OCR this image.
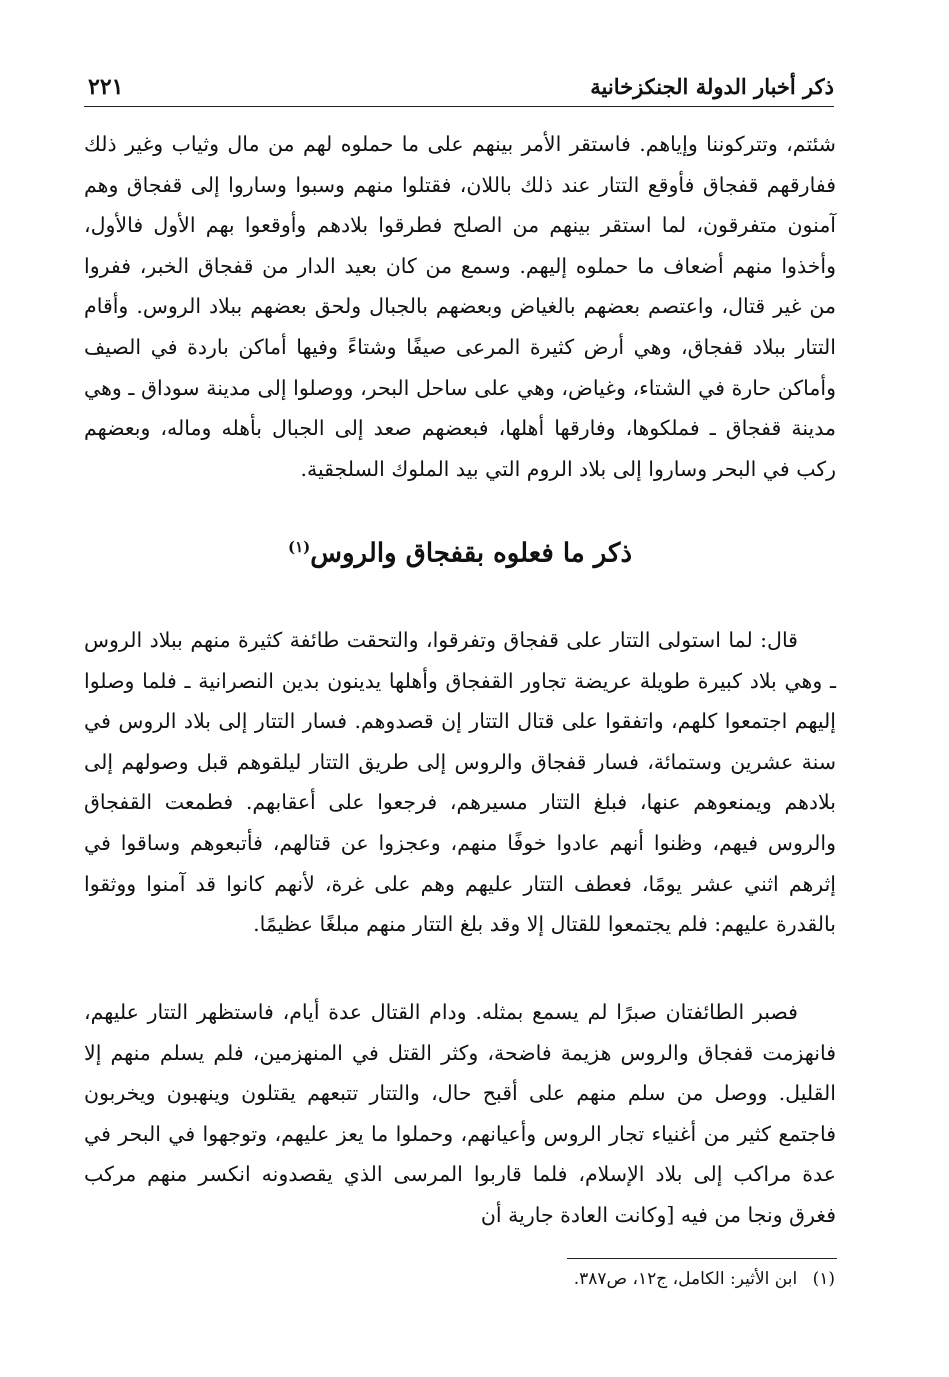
ذكر أخبار الدولة الجنكزخانية
٢٢١

شئتم، وتتركوننا وإياهم. فاستقر الأمر بينهم على ما حملوه لهم من مال وثياب وغير ذلك ففارقهم قفجاق فأوقع التتار عند ذلك باللان، فقتلوا منهم وسبوا وساروا إلى قفجاق وهم آمنون متفرقون، لما استقر بينهم من الصلح فطرقوا بلادهم وأوقعوا بهم الأول فالأول، وأخذوا منهم أضعاف ما حملوه إليهم. وسمع من كان بعيد الدار من قفجاق الخبر، ففروا من غير قتال، واعتصم بعضهم بالغياض وبعضهم بالجبال ولحق بعضهم ببلاد الروس. وأقام التتار ببلاد قفجاق، وهي أرض كثيرة المرعى صيفًا وشتاءً وفيها أماكن باردة في الصيف وأماكن حارة في الشتاء، وغياض، وهي على ساحل البحر، ووصلوا إلى مدينة سوداق ـ وهي مدينة قفجاق ـ فملكوها، وفارقها أهلها، فبعضهم صعد إلى الجبال بأهله وماله، وبعضهم ركب في البحر وساروا إلى بلاد الروم التي بيد الملوك السلجقية.

ذكر ما فعلوه بقفجاق والروس$^{(١)}$

قال: لما استولى التتار على قفجاق وتفرقوا، والتحقت طائفة كثيرة منهم ببلاد الروس ـ وهي بلاد كبيرة طويلة عريضة تجاور القفجاق وأهلها يدينون بدين النصرانية ـ فلما وصلوا إليهم اجتمعوا كلهم، واتفقوا على قتال التتار إن قصدوهم. فسار التتار إلى بلاد الروس في سنة عشرين وستمائة، فسار قفجاق والروس إلى طريق التتار ليلقوهم قبل وصولهم إلى بلادهم ويمنعوهم عنها، فبلغ التتار مسيرهم، فرجعوا على أعقابهم. فطمعت القفجاق والروس فيهم، وظنوا أنهم عادوا خوفًا منهم، وعجزوا عن قتالهم، فأتبعوهم وساقوا في إثرهم اثني عشر يومًا، فعطف التتار عليهم وهم على غرة، لأنهم كانوا قد آمنوا ووثقوا بالقدرة عليهم: فلم يجتمعوا للقتال إلا وقد بلغ التتار منهم مبلغًا عظيمًا.

فصبر الطائفتان صبرًا لم يسمع بمثله. ودام القتال عدة أيام، فاستظهر التتار عليهم، فانهزمت قفجاق والروس هزيمة فاضحة، وكثر القتل في المنهزمين، فلم يسلم منهم إلا القليل. ووصل من سلم منهم على أقبح حال، والتتار تتبعهم يقتلون وينهبون ويخربون فاجتمع كثير من أغنياء تجار الروس وأعيانهم، وحملوا ما يعز عليهم، وتوجهوا في البحر في عدة مراكب إلى بلاد الإسلام، فلما قاربوا المرسى الذي يقصدونه انكسر منهم مركب فغرق ونجا من فيه [وكانت العادة جارية أن

(١) ابن الأثير: الكامل، ج١٢، ص٣٨٧.
